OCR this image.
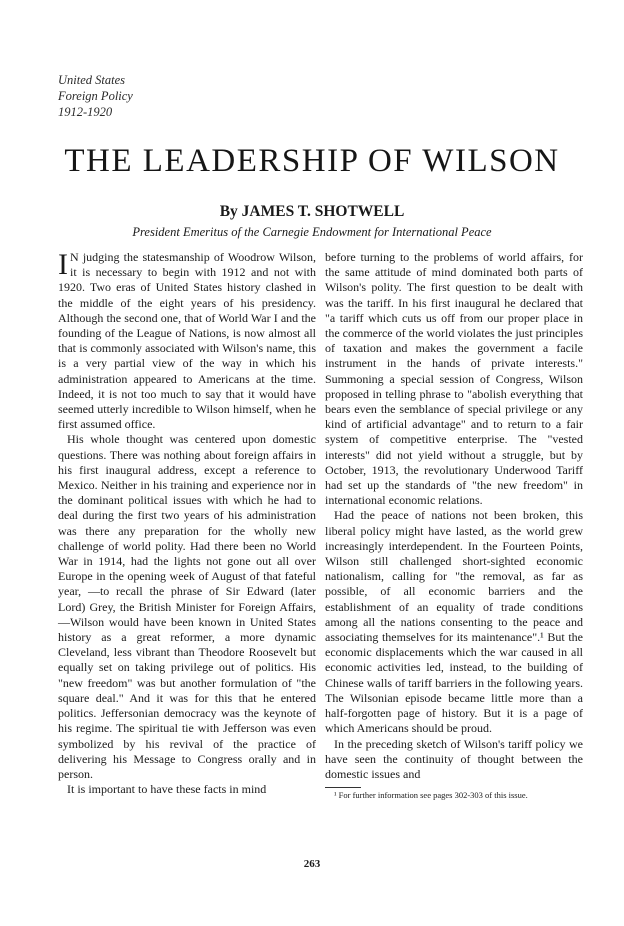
United States
Foreign Policy
1912-1920
THE LEADERSHIP OF WILSON
By JAMES T. SHOTWELL
President Emeritus of the Carnegie Endowment for International Peace

I N judging the statesmanship of Woodrow Wilson, it is necessary to begin with 1912 and not with 1920. Two eras of United States history clashed in the middle of the eight years of his presidency. Although the second one, that of World War I and the founding of the League of Nations, is now almost all that is commonly associated with Wilson's name, this is a very partial view of the way in which his administration appeared to Americans at the time. Indeed, it is not too much to say that it would have seemed utterly incredible to Wilson himself, when he first assumed office.

His whole thought was centered upon domestic questions. There was nothing about foreign affairs in his first inaugural address, except a reference to Mexico. Neither in his training and experience nor in the dominant political issues with which he had to deal during the first two years of his administration was there any preparation for the wholly new challenge of world polity. Had there been no World War in 1914, had the lights not gone out all over Europe in the opening week of August of that fateful year, —to recall the phrase of Sir Edward (later Lord) Grey, the British Minister for Foreign Affairs,—Wilson would have been known in United States history as a great reformer, a more dynamic Cleveland, less vibrant than Theodore Roosevelt but equally set on taking privilege out of politics. His "new freedom" was but another formulation of "the square deal." And it was for this that he entered politics. Jeffersonian democracy was the keynote of his regime. The spiritual tie with Jefferson was even symbolized by his revival of the practice of delivering his Message to Congress orally and in person.

It is important to have these facts in mind

before turning to the problems of world affairs, for the same attitude of mind dominated both parts of Wilson's polity. The first question to be dealt with was the tariff. In his first inaugural he declared that "a tariff which cuts us off from our proper place in the commerce of the world violates the just principles of taxation and makes the government a facile instrument in the hands of private interests." Summoning a special session of Congress, Wilson proposed in telling phrase to "abolish everything that bears even the semblance of special privilege or any kind of artificial advantage" and to return to a fair system of competitive enterprise. The "vested interests" did not yield without a struggle, but by October, 1913, the revolutionary Underwood Tariff had set up the standards of "the new freedom" in international economic relations.

Had the peace of nations not been broken, this liberal policy might have lasted, as the world grew increasingly interdependent. In the Fourteen Points, Wilson still challenged short-sighted economic nationalism, calling for "the removal, as far as possible, of all economic barriers and the establishment of an equality of trade conditions among all the nations consenting to the peace and associating themselves for its maintenance".¹ But the economic displacements which the war caused in all economic activities led, instead, to the building of Chinese walls of tariff barriers in the following years. The Wilsonian episode became little more than a half-forgotten page of history. But it is a page of which Americans should be proud.

In the preceding sketch of Wilson's tariff policy we have seen the continuity of thought between the domestic issues and

¹ For further information see pages 302-303 of this issue.

263
